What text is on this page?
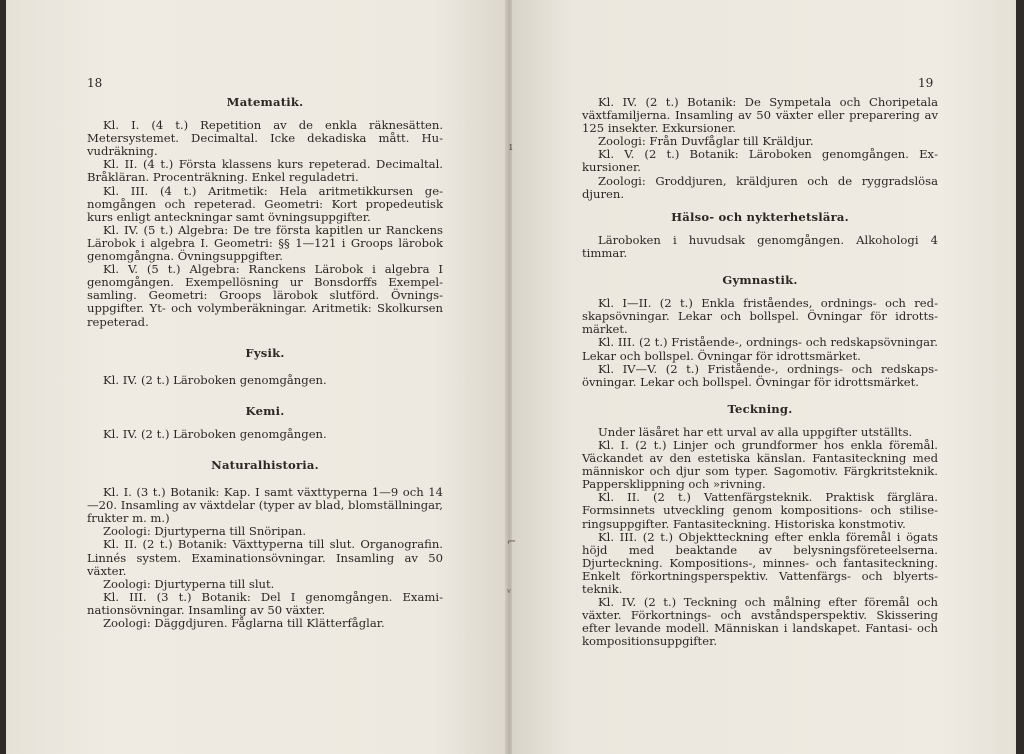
18	19
Matematik.

Kl. I. (4 t.) Repetition av de enkla räknesätten. Metersystemet. Decimaltal. Icke dekadiska mått. Huvudräkning.

Kl. II. (4 t.) Första klassens kurs repeterad. Decimaltal. Bråkläran. Procenträkning. Enkel reguladetri.

Kl. III. (4 t.) Aritmetik: Hela aritmetikkursen genomgången och repeterad. Geometri: Kort propedeutisk kurs enligt anteckningar samt övningsuppgifter.

Kl. IV. (5 t.) Algebra: De tre första kapitlen ur Ranckens Lärobok i algebra I. Geometri: §§ 1—121 i Groops lärobok genomgångna. Övningsuppgifter.

Kl. V. (5 t.) Algebra: Ranckens Lärobok i algebra I genomgången. Exempellösning ur Bonsdorffs Exempelsamling. Geometri: Groops lärobok slutförd. Övningsuppgifter. Yt- och volymberäkningar. Aritmetik: Skolkursen repeterad.

Fysik.

Kl. IV. (2 t.) Läroboken genomgången.

Kemi.

Kl. IV. (2 t.) Läroboken genomgången.

Naturalhistoria.

Kl. I. (3 t.) Botanik: Kap. I samt växttyperna 1—9 och 14—20. Insamling av växtdelar (typer av blad, blomställningar, frukter m. m.)

Zoologi: Djurtyperna till Snöripan.

Kl. II. (2 t.) Botanik: Växttyperna till slut. Organografin. Linnés system. Examinationsövningar. Insamling av 50 växter.

Zoologi: Djurtyperna till slut.

Kl. III. (3 t.) Botanik: Del I genomgången. Examinationsövningar. Insamling av 50 växter.

Zoologi: Däggdjuren. Fåglarna till Klätterfåglar.

Kl. IV. (2 t.) Botanik: De Sympetala och Choripetala växtfamiljerna. Insamling av 50 växter eller preparering av 125 insekter. Exkursioner.

Zoologi: Från Duvfåglar till Kräldjur.

Kl. V. (2 t.) Botanik: Läroboken genomgången. Exkursioner.

Zoologi: Groddjuren, kräldjuren och de ryggradslösa djuren.

Hälso- och nykterhetslära.

Läroboken i huvudsak genomgången. Alkohologi 4 timmar.

Gymnastik.

Kl. I—II. (2 t.) Enkla friståendes, ordnings- och redskapsövningar. Lekar och bollspel. Övningar för idrottsmärket.

Kl. III. (2 t.) Fristående-, ordnings- och redskapsövningar. Lekar och bollspel. Övningar för idrottsmärket.

Kl. IV—V. (2 t.) Fristående-, ordnings- och redskapsövningar. Lekar och bollspel. Övningar för idrottsmärket.

Teckning.

Under läsåret har ett urval av alla uppgifter utställts.

Kl. I. (2 t.) Linjer och grundformer hos enkla föremål. Väckandet av den estetiska känslan. Fantasiteckning med människor och djur som typer. Sagomotiv. Färgkritsteknik. Pappersklippning och »rivning.

Kl. II. (2 t.) Vattenfärgsteknik. Praktisk färglära. Formsinnets utveckling genom kompositions- och stiliseringsuppgifter. Fantasiteckning. Historiska konstmotiv.

Kl. III. (2 t.) Objektteckning efter enkla föremål i ögats höjd med beaktande av belysningsföreteelserna. Djurteckning. Kompositions-, minnes- och fantasiteckning. Enkelt förkortningsperspektiv. Vattenfärgs- och blyertsteknik.

Kl. IV. (2 t.) Teckning och målning efter föremål och växter. Förkortnings- och avståndsperspektiv. Skissering efter levande modell. Människan i landskapet. Fantasi- och kompositionsuppgifter.

ı
⌐
ᵥ
